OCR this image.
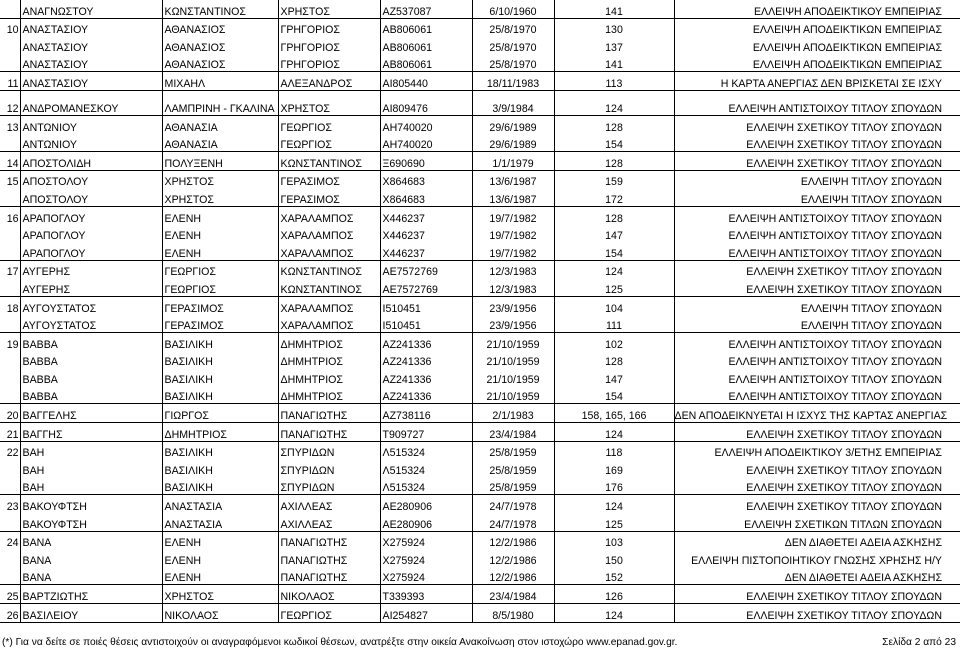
	ΑΝΑΓΝΩΣΤΟΥ	ΚΩΝΣΤΑΝΤΙΝΟΣ	ΧΡΗΣΤΟΣ	ΑΖ537087	6/10/1960	141	ΕΛΛΕΙΨΗ ΑΠΟΔΕΙΚΤΙΚΟΥ ΕΜΠΕΙΡΙΑΣ
10	ΑΝΑΣΤΑΣΙΟΥ	ΑΘΑΝΑΣΙΟΣ	ΓΡΗΓΟΡΙΟΣ	ΑΒ806061	25/8/1970	130	ΕΛΛΕΙΨΗ ΑΠΟΔΕΙΚΤΙΚΩΝ ΕΜΠΕΙΡΙΑΣ
	ΑΝΑΣΤΑΣΙΟΥ	ΑΘΑΝΑΣΙΟΣ	ΓΡΗΓΟΡΙΟΣ	ΑΒ806061	25/8/1970	137	ΕΛΛΕΙΨΗ ΑΠΟΔΕΙΚΤΙΚΩΝ ΕΜΠΕΙΡΙΑΣ
	ΑΝΑΣΤΑΣΙΟΥ	ΑΘΑΝΑΣΙΟΣ	ΓΡΗΓΟΡΙΟΣ	ΑΒ806061	25/8/1970	141	ΕΛΛΕΙΨΗ ΑΠΟΔΕΙΚΤΙΚΩΝ ΕΜΠΕΙΡΙΑΣ
11	ΑΝΑΣΤΑΣΙΟΥ	ΜΙΧΑΗΛ	ΑΛΕΞΑΝΔΡΟΣ	ΑΙ805440	18/11/1983	113	Η ΚΑΡΤΑ ΑΝΕΡΓΙΑΣ ΔΕΝ ΒΡΙΣΚΕΤΑΙ ΣΕ ΙΣΧΥ
12	ΑΝΔΡΟΜΑΝΕΣΚΟΥ	ΛΑΜΠΡΙΝΗ - ΓΚΑΛΙΝΑ	ΧΡΗΣΤΟΣ	ΑΙ809476	3/9/1984	124	ΕΛΛΕΙΨΗ ΑΝΤΙΣΤΟΙΧΟΥ ΤΙΤΛΟΥ ΣΠΟΥΔΩΝ
13	ΑΝΤΩΝΙΟΥ	ΑΘΑΝΑΣΙΑ	ΓΕΩΡΓΙΟΣ	ΑΗ740020	29/6/1989	128	ΕΛΛΕΙΨΗ ΣΧΕΤΙΚΟΥ ΤΙΤΛΟΥ ΣΠΟΥΔΩΝ
	ΑΝΤΩΝΙΟΥ	ΑΘΑΝΑΣΙΑ	ΓΕΩΡΓΙΟΣ	ΑΗ740020	29/6/1989	154	ΕΛΛΕΙΨΗ ΣΧΕΤΙΚΟΥ ΤΙΤΛΟΥ ΣΠΟΥΔΩΝ
14	ΑΠΟΣΤΟΛΙΔΗ	ΠΟΛΥΞΕΝΗ	ΚΩΝΣΤΑΝΤΙΝΟΣ	Ξ690690	1/1/1979	128	ΕΛΛΕΙΨΗ ΣΧΕΤΙΚΟΥ ΤΙΤΛΟΥ ΣΠΟΥΔΩΝ
15	ΑΠΟΣΤΟΛΟΥ	ΧΡΗΣΤΟΣ	ΓΕΡΑΣΙΜΟΣ	Χ864683	13/6/1987	159	ΕΛΛΕΙΨΗ ΤΙΤΛΟΥ ΣΠΟΥΔΩΝ
	ΑΠΟΣΤΟΛΟΥ	ΧΡΗΣΤΟΣ	ΓΕΡΑΣΙΜΟΣ	Χ864683	13/6/1987	172	ΕΛΛΕΙΨΗ ΤΙΤΛΟΥ ΣΠΟΥΔΩΝ
16	ΑΡΑΠΟΓΛΟΥ	ΕΛΕΝΗ	ΧΑΡΑΛΑΜΠΟΣ	Χ446237	19/7/1982	128	ΕΛΛΕΙΨΗ ΑΝΤΙΣΤΟΙΧΟΥ ΤΙΤΛΟΥ ΣΠΟΥΔΩΝ
	ΑΡΑΠΟΓΛΟΥ	ΕΛΕΝΗ	ΧΑΡΑΛΑΜΠΟΣ	Χ446237	19/7/1982	147	ΕΛΛΕΙΨΗ ΑΝΤΙΣΤΟΙΧΟΥ ΤΙΤΛΟΥ ΣΠΟΥΔΩΝ
	ΑΡΑΠΟΓΛΟΥ	ΕΛΕΝΗ	ΧΑΡΑΛΑΜΠΟΣ	Χ446237	19/7/1982	154	ΕΛΛΕΙΨΗ ΑΝΤΙΣΤΟΙΧΟΥ ΤΙΤΛΟΥ ΣΠΟΥΔΩΝ
17	ΑΥΓΕΡΗΣ	ΓΕΩΡΓΙΟΣ	ΚΩΝΣΤΑΝΤΙΝΟΣ	ΑΕ7572769	12/3/1983	124	ΕΛΛΕΙΨΗ ΣΧΕΤΙΚΟΥ ΤΙΤΛΟΥ ΣΠΟΥΔΩΝ
	ΑΥΓΕΡΗΣ	ΓΕΩΡΓΙΟΣ	ΚΩΝΣΤΑΝΤΙΝΟΣ	ΑΕ7572769	12/3/1983	125	ΕΛΛΕΙΨΗ ΣΧΕΤΙΚΟΥ ΤΙΤΛΟΥ ΣΠΟΥΔΩΝ
18	ΑΥΓΟΥΣΤΑΤΟΣ	ΓΕΡΑΣΙΜΟΣ	ΧΑΡΑΛΑΜΠΟΣ	Ι510451	23/9/1956	104	ΕΛΛΕΙΨΗ ΤΙΤΛΟΥ ΣΠΟΥΔΩΝ
	ΑΥΓΟΥΣΤΑΤΟΣ	ΓΕΡΑΣΙΜΟΣ	ΧΑΡΑΛΑΜΠΟΣ	Ι510451	23/9/1956	111	ΕΛΛΕΙΨΗ ΤΙΤΛΟΥ ΣΠΟΥΔΩΝ
19	ΒΑΒΒΑ	ΒΑΣΙΛΙΚΗ	ΔΗΜΗΤΡΙΟΣ	ΑΖ241336	21/10/1959	102	ΕΛΛΕΙΨΗ ΑΝΤΙΣΤΟΙΧΟΥ ΤΙΤΛΟΥ ΣΠΟΥΔΩΝ
	ΒΑΒΒΑ	ΒΑΣΙΛΙΚΗ	ΔΗΜΗΤΡΙΟΣ	ΑΖ241336	21/10/1959	128	ΕΛΛΕΙΨΗ ΑΝΤΙΣΤΟΙΧΟΥ ΤΙΤΛΟΥ ΣΠΟΥΔΩΝ
	ΒΑΒΒΑ	ΒΑΣΙΛΙΚΗ	ΔΗΜΗΤΡΙΟΣ	ΑΖ241336	21/10/1959	147	ΕΛΛΕΙΨΗ ΑΝΤΙΣΤΟΙΧΟΥ ΤΙΤΛΟΥ ΣΠΟΥΔΩΝ
	ΒΑΒΒΑ	ΒΑΣΙΛΙΚΗ	ΔΗΜΗΤΡΙΟΣ	ΑΖ241336	21/10/1959	154	ΕΛΛΕΙΨΗ ΑΝΤΙΣΤΟΙΧΟΥ ΤΙΤΛΟΥ ΣΠΟΥΔΩΝ
20	ΒΑΓΓΕΛΗΣ	ΓΙΩΡΓΟΣ	ΠΑΝΑΓΙΩΤΗΣ	ΑΖ738116	2/1/1983	158, 165, 166	ΔΕΝ ΑΠΟΔΕΙΚΝΥΕΤΑΙ Η ΙΣΧΥΣ ΤΗΣ ΚΑΡΤΑΣ ΑΝΕΡΓΙΑΣ
21	ΒΑΓΓΗΣ	ΔΗΜΗΤΡΙΟΣ	ΠΑΝΑΓΙΩΤΗΣ	Τ909727	23/4/1984	124	ΕΛΛΕΙΨΗ ΣΧΕΤΙΚΟΥ ΤΙΤΛΟΥ ΣΠΟΥΔΩΝ
22	ΒΑΗ	ΒΑΣΙΛΙΚΗ	ΣΠΥΡΙΔΩΝ	Λ515324	25/8/1959	118	ΕΛΛΕΙΨΗ ΑΠΟΔΕΙΚΤΙΚΟΥ 3/ΕΤΗΣ ΕΜΠΕΙΡΙΑΣ
	ΒΑΗ	ΒΑΣΙΛΙΚΗ	ΣΠΥΡΙΔΩΝ	Λ515324	25/8/1959	169	ΕΛΛΕΙΨΗ ΣΧΕΤΙΚΟΥ ΤΙΤΛΟΥ ΣΠΟΥΔΩΝ
	ΒΑΗ	ΒΑΣΙΛΙΚΗ	ΣΠΥΡΙΔΩΝ	Λ515324	25/8/1959	176	ΕΛΛΕΙΨΗ ΣΧΕΤΙΚΟΥ ΤΙΤΛΟΥ ΣΠΟΥΔΩΝ
23	ΒΑΚΟΥΦΤΣΗ	ΑΝΑΣΤΑΣΙΑ	ΑΧΙΛΛΕΑΣ	ΑΕ280906	24/7/1978	124	ΕΛΛΕΙΨΗ ΣΧΕΤΙΚΟΥ ΤΙΤΛΟΥ ΣΠΟΥΔΩΝ
	ΒΑΚΟΥΦΤΣΗ	ΑΝΑΣΤΑΣΙΑ	ΑΧΙΛΛΕΑΣ	ΑΕ280906	24/7/1978	125	ΕΛΛΕΙΨΗ ΣΧΕΤΙΚΩΝ ΤΙΤΛΩΝ ΣΠΟΥΔΩΝ
24	ΒΑΝΑ	ΕΛΕΝΗ	ΠΑΝΑΓΙΩΤΗΣ	Χ275924	12/2/1986	103	ΔΕΝ ΔΙΑΘΕΤΕΙ ΑΔΕΙΑ ΑΣΚΗΣΗΣ
	ΒΑΝΑ	ΕΛΕΝΗ	ΠΑΝΑΓΙΩΤΗΣ	Χ275924	12/2/1986	150	ΕΛΛΕΙΨΗ ΠΙΣΤΟΠΟΙΗΤΙΚΟΥ ΓΝΩΣΗΣ ΧΡΗΣΗΣ Η/Υ
	ΒΑΝΑ	ΕΛΕΝΗ	ΠΑΝΑΓΙΩΤΗΣ	Χ275924	12/2/1986	152	ΔΕΝ ΔΙΑΘΕΤΕΙ ΑΔΕΙΑ ΑΣΚΗΣΗΣ
25	ΒΑΡΤΖΙΩΤΗΣ	ΧΡΗΣΤΟΣ	ΝΙΚΟΛΑΟΣ	Τ339393	23/4/1984	126	ΕΛΛΕΙΨΗ ΣΧΕΤΙΚΟΥ ΤΙΤΛΟΥ ΣΠΟΥΔΩΝ
26	ΒΑΣΙΛΕΙΟΥ	ΝΙΚΟΛΑΟΣ	ΓΕΩΡΓΙΟΣ	ΑΙ254827	8/5/1980	124	ΕΛΛΕΙΨΗ ΣΧΕΤΙΚΟΥ ΤΙΤΛΟΥ ΣΠΟΥΔΩΝ
(*) Για να δείτε σε ποιές θέσεις αντιστοιχούν οι αναγραφόμενοι κωδικοί θέσεων, ανατρέξτε στην οικεία Ανακοίνωση στον ιστοχώρο www.epanad.gov.gr.	Σελίδα 2 από 23
